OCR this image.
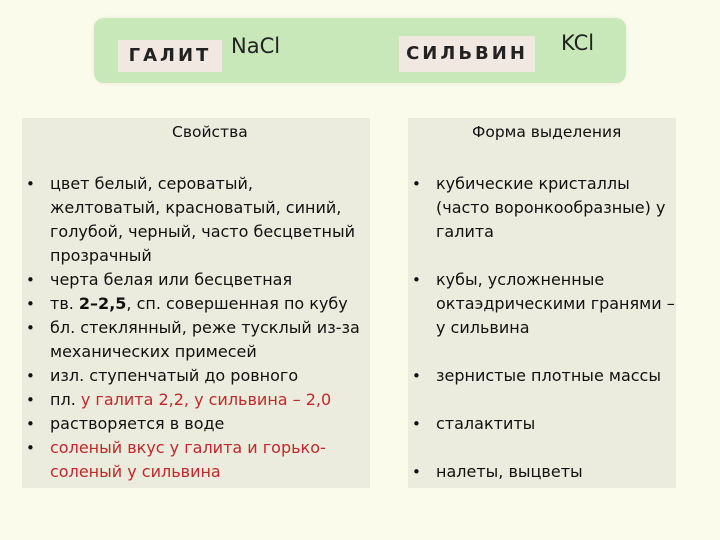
ГАЛИТ NaCl	СИЛЬВИН	KCl
Свойства
• цвет белый, сероватый, желтоватый, красноватый, синий, голубой, черный, часто бесцветный прозрачный
• черта белая или бесцветная
• тв. 2–2,5, сп. совершенная по кубу
• бл. стеклянный, реже тусклый из-за механических примесей
• изл. ступенчатый до ровного
• пл. у галита 2,2, у сильвина – 2,0
• растворяется в воде
• соленый вкус у галита и горько-соленый у сильвина
Форма выделения
• кубические кристаллы (часто воронкообразные) у галита
• кубы, усложненные октаэдрическими гранями – у сильвина
• зернистые плотные массы
• сталактиты
• налеты, выцветы
